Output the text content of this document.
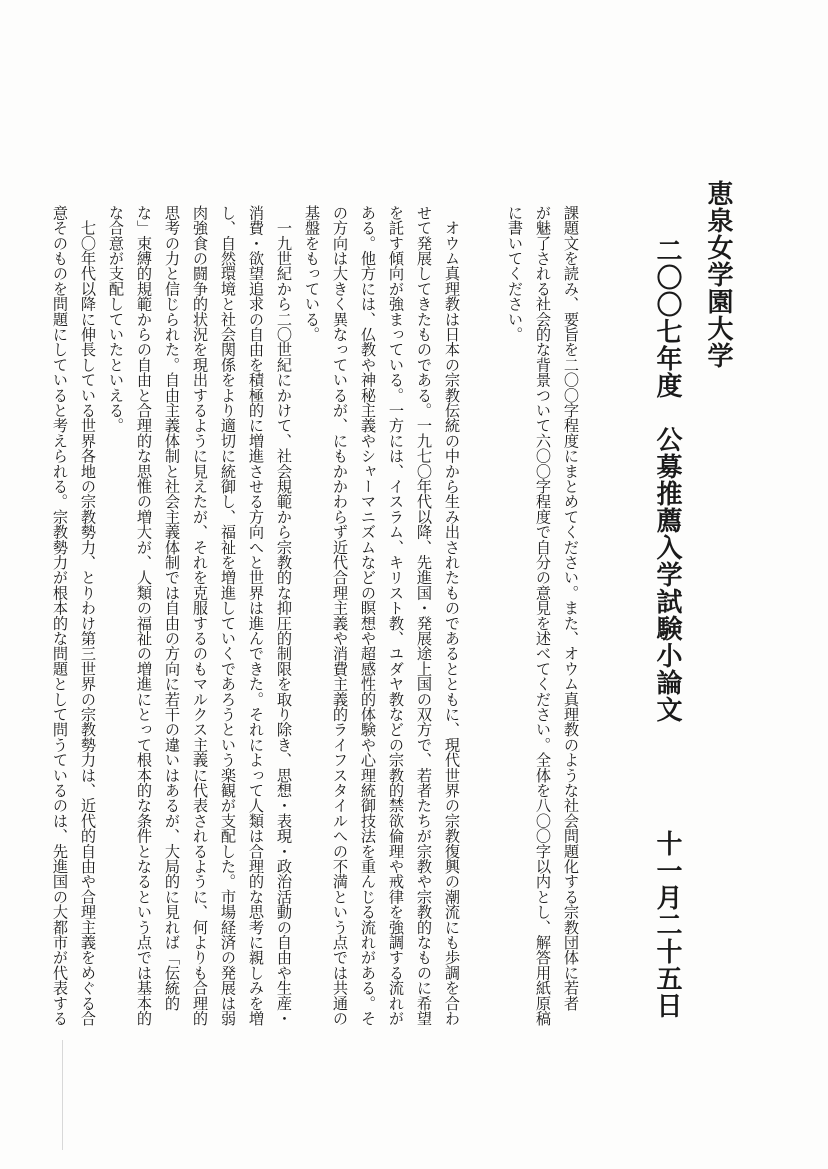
恵泉女学園大学
二〇〇七年度　公募推薦入学試験小論文
十一月二十五日
課題文を読み、要旨を二〇〇字程度にまとめてください。また、オウム真理教のような社会問題化する宗教団体に若者
が魅了される社会的な背景ついて六〇〇字程度で自分の意見を述べてください。全体を八〇〇字以内とし、解答用紙原稿
に書いてください。
　オウム真理教は日本の宗教伝統の中から生み出されたものであるとともに、現代世界の宗教復興の潮流にも歩調を合わ
せて発展してきたものである。一九七〇年代以降、先進国・発展途上国の双方で、若者たちが宗教や宗教的なものに希望
を託す傾向が強まっている。一方には、イスラム、キリスト教、ユダヤ教などの宗教的禁欲倫理や戒律を強調する流れが
ある。他方には、仏教や神秘主義やシャーマニズムなどの瞑想や超感性的体験や心理統御技法を重んじる流れがある。そ
の方向は大きく異なっているが、にもかかわらず近代合理主義や消費主義的ライフスタイルへの不満という点では共通の
基盤をもっている。
　一九世紀から二〇世紀にかけて、社会規範から宗教的な抑圧的制限を取り除き、思想・表現・政治活動の自由や生産・
消費・欲望追求の自由を積極的に増進させる方向へと世界は進んできた。それによって人類は合理的な思考に親しみを増
し、自然環境と社会関係をより適切に統御し、福祉を増進していくであろうという楽観が支配した。市場経済の発展は弱
肉強食の闘争的状況を現出するように見えたが、それを克服するのもマルクス主義に代表されるように、何よりも合理的
思考の力と信じられた。自由主義体制と社会主義体制では自由の方向に若干の違いはあるが、大局的に見れば「伝統的
な」束縛的規範からの自由と合理的な思惟の増大が、人類の福祉の増進にとって根本的な条件となるという点では基本的
な合意が支配していたといえる。
　七〇年代以降に伸長している世界各地の宗教勢力、とりわけ第三世界の宗教勢力は、近代的自由や合理主義をめぐる合
意そのものを問題にしていると考えられる。宗教勢力が根本的な問題として問うているのは、先進国の大都市が代表する
